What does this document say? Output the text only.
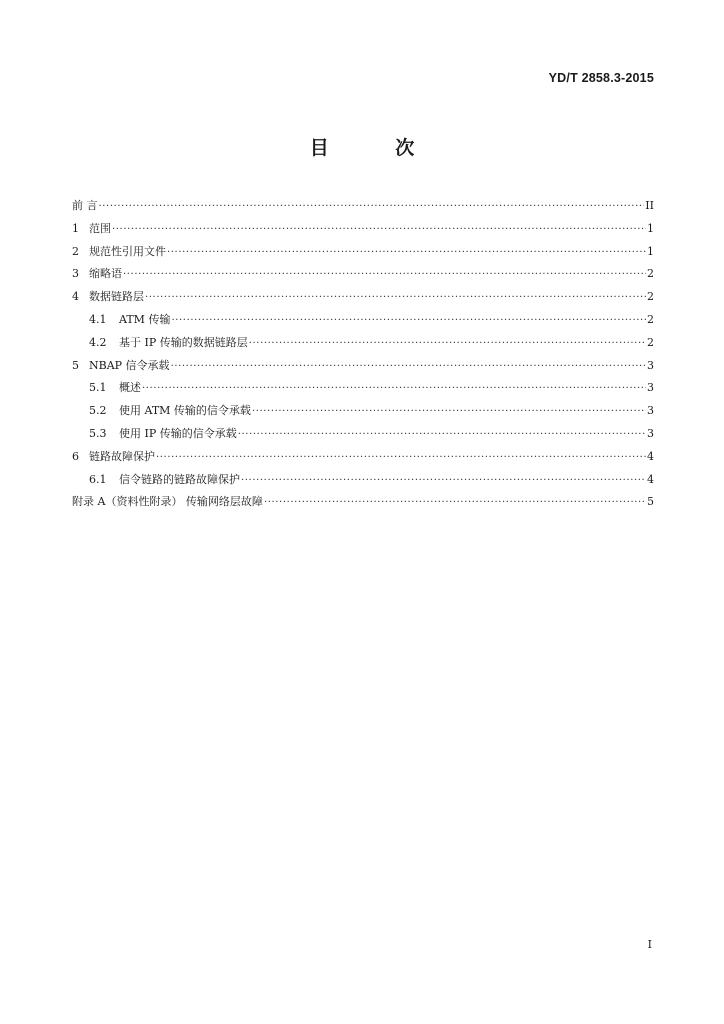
YD/T 2858.3-2015
目 次
前 言 ·····	II
1 范围 ·····	1
2 规范性引用文件 ·····	1
3 缩略语 ·····	2
4 数据链路层 ·····	2
4.1	ATM 传输 ·····	2
4.2	基于 IP 传输的数据链路层 ·····	2
5 NBAP 信令承载 ·····	3
5.1	概述 ·····	3
5.2	使用 ATM 传输的信令承载 ·····	3
5.3	使用 IP 传输的信令承载 ·····	3
6 链路故障保护 ·····	4
6.1	信令链路的链路故障保护 ·····	4
附录 A（资料性附录） 传输网络层故障 ·····	5
I
